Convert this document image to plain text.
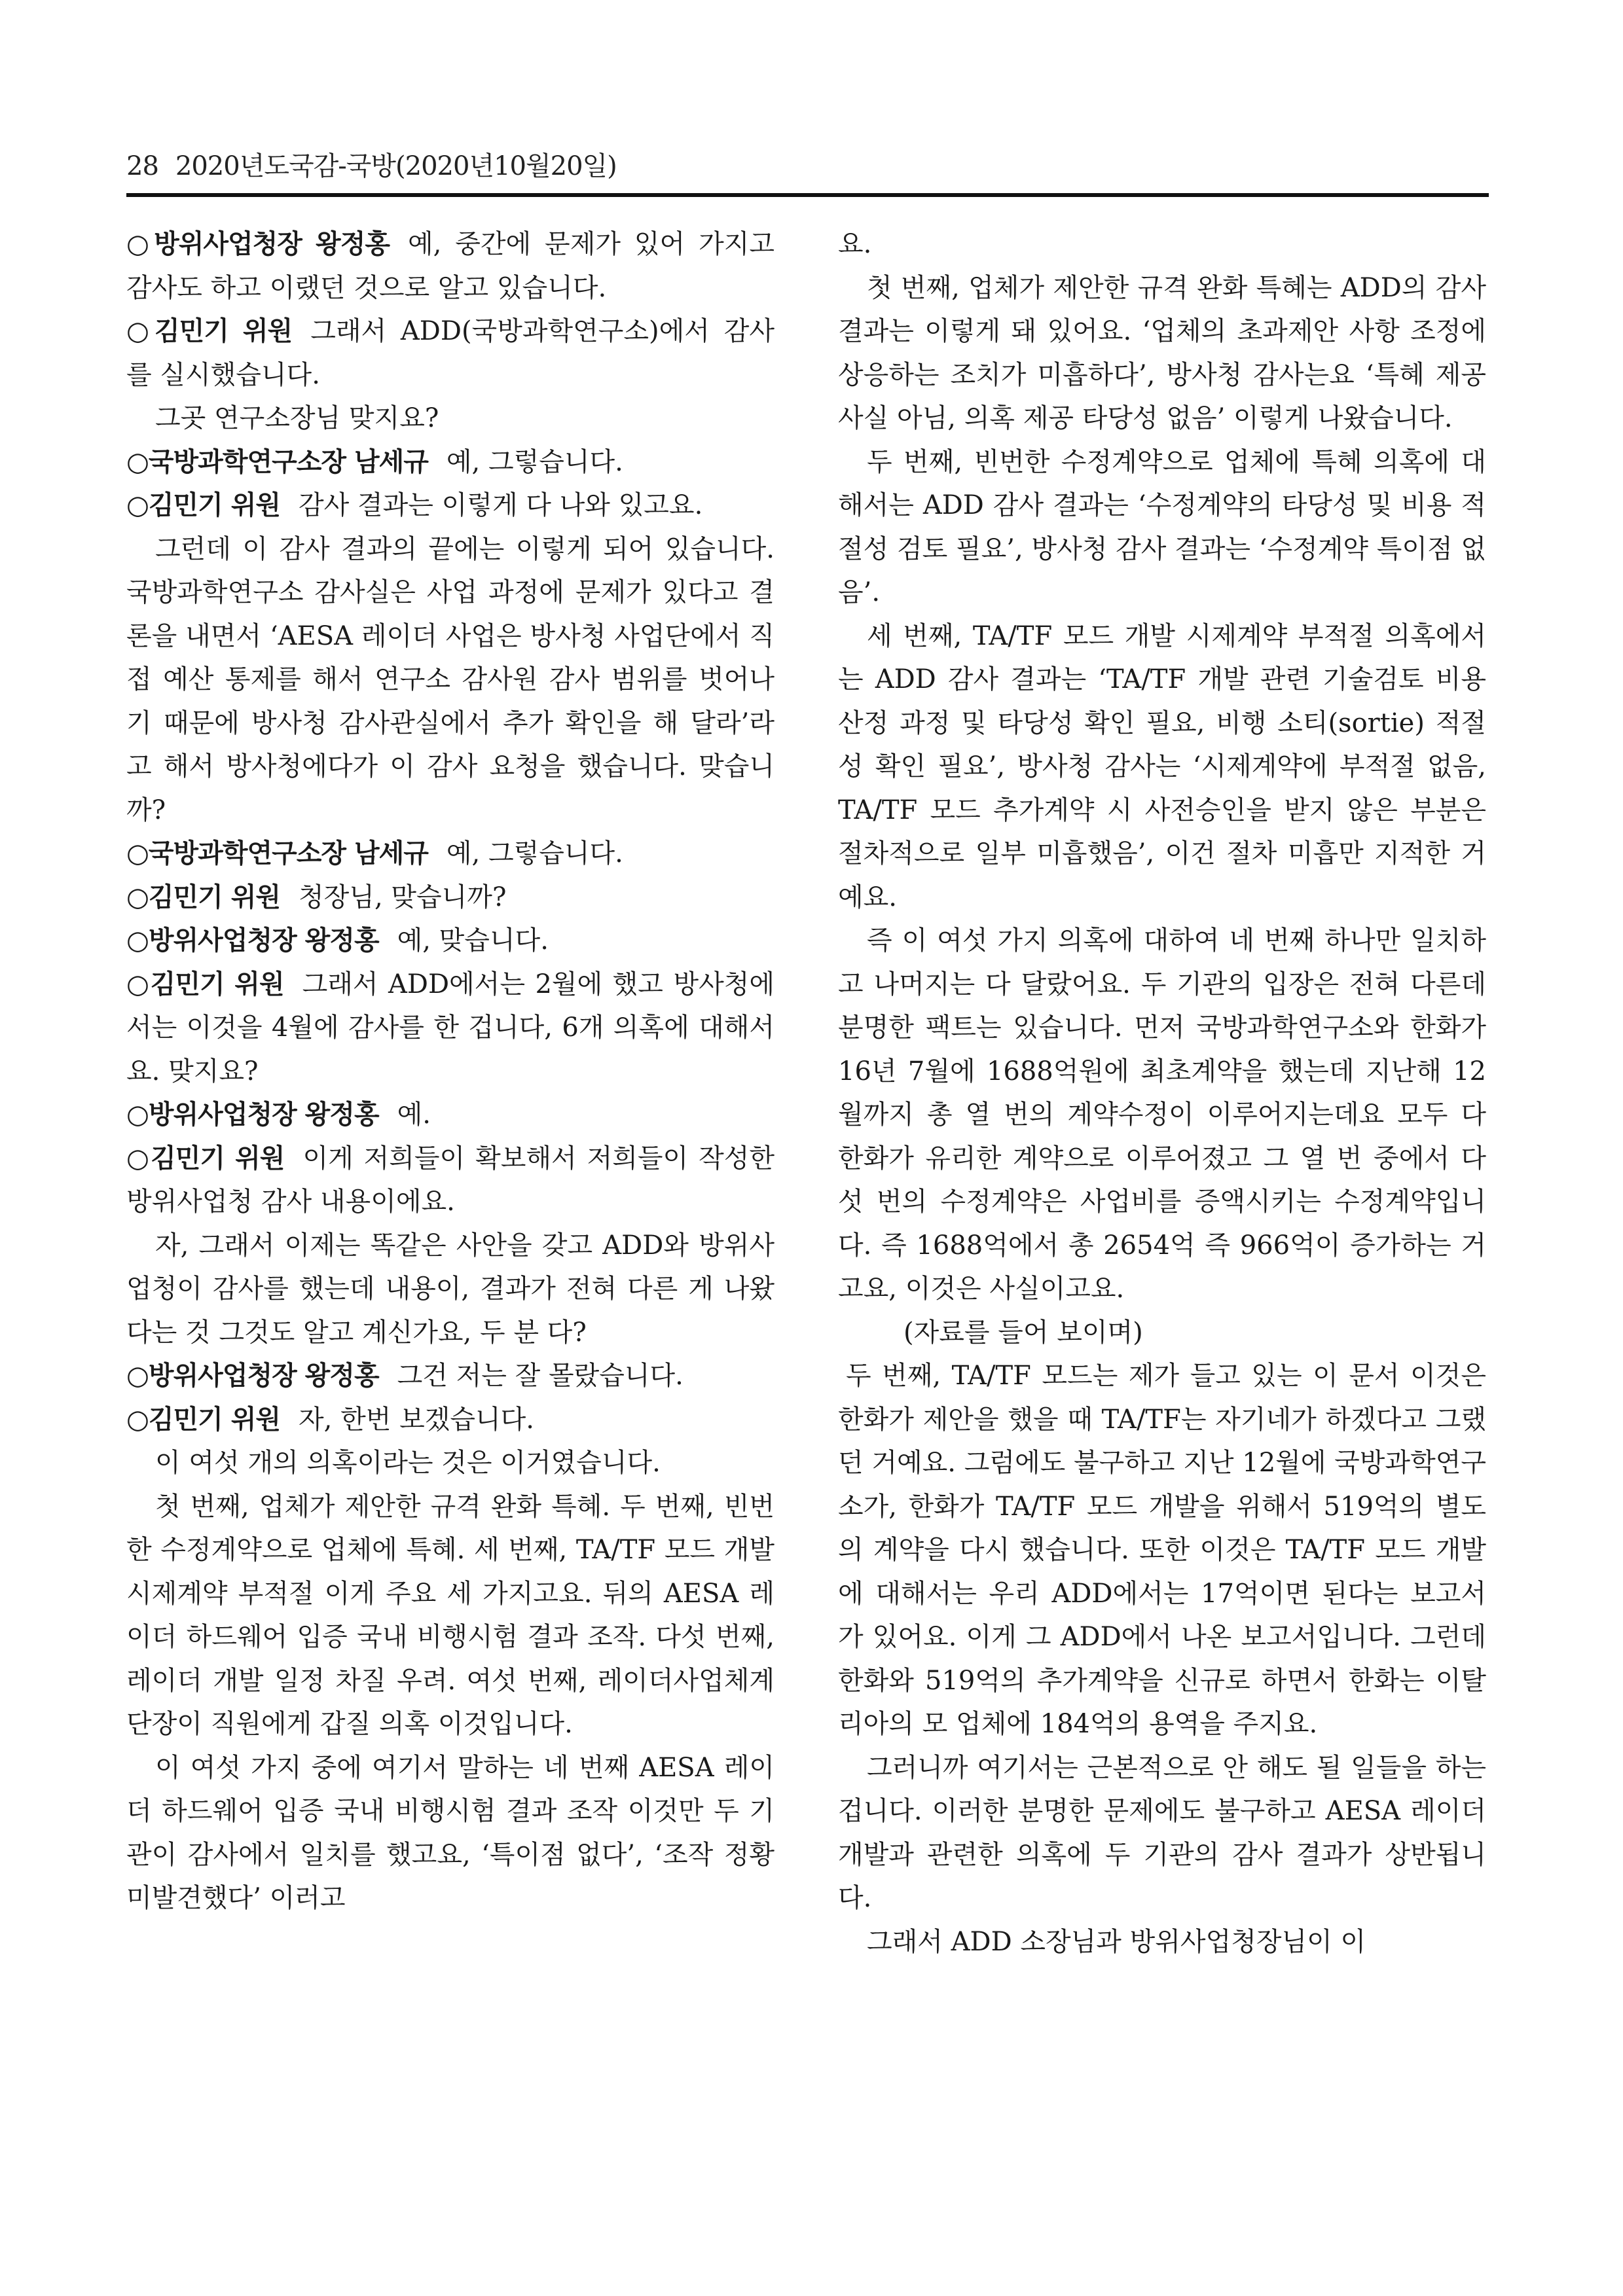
28 2020년도국감-국방(2020년10월20일)

○방위사업청장 왕정홍 예, 중간에 문제가 있어 가지고 감사도 하고 이랬던 것으로 알고 있습니다.

○김민기 위원 그래서 ADD(국방과학연구소)에서 감사를 실시했습니다.

그곳 연구소장님 맞지요?

○국방과학연구소장 남세규 예, 그렇습니다.

○김민기 위원 감사 결과는 이렇게 다 나와 있고요.

그런데 이 감사 결과의 끝에는 이렇게 되어 있습니다. 국방과학연구소 감사실은 사업 과정에 문제가 있다고 결론을 내면서 ‘AESA 레이더 사업은 방사청 사업단에서 직접 예산 통제를 해서 연구소 감사원 감사 범위를 벗어나기 때문에 방사청 감사관실에서 추가 확인을 해 달라’라고 해서 방사청에다가 이 감사 요청을 했습니다. 맞습니까?

○국방과학연구소장 남세규 예, 그렇습니다.

○김민기 위원 청장님, 맞습니까?

○방위사업청장 왕정홍 예, 맞습니다.

○김민기 위원 그래서 ADD에서는 2월에 했고 방사청에서는 이것을 4월에 감사를 한 겁니다, 6개 의혹에 대해서요. 맞지요?

○방위사업청장 왕정홍 예.

○김민기 위원 이게 저희들이 확보해서 저희들이 작성한 방위사업청 감사 내용이에요.

자, 그래서 이제는 똑같은 사안을 갖고 ADD와 방위사업청이 감사를 했는데 내용이, 결과가 전혀 다른 게 나왔다는 것 그것도 알고 계신가요, 두 분 다?

○방위사업청장 왕정홍 그건 저는 잘 몰랐습니다.

○김민기 위원 자, 한번 보겠습니다.

이 여섯 개의 의혹이라는 것은 이거였습니다.

첫 번째, 업체가 제안한 규격 완화 특혜. 두 번째, 빈번한 수정계약으로 업체에 특혜. 세 번째, TA/TF 모드 개발 시제계약 부적절 이게 주요 세 가지고요. 뒤의 AESA 레이더 하드웨어 입증 국내 비행시험 결과 조작. 다섯 번째, 레이더 개발 일정 차질 우려. 여섯 번째, 레이더사업체계단장이 직원에게 갑질 의혹 이것입니다.

이 여섯 가지 중에 여기서 말하는 네 번째 AESA 레이더 하드웨어 입증 국내 비행시험 결과 조작 이것만 두 기관이 감사에서 일치를 했고요, ‘특이점 없다’, ‘조작 정황 미발견했다’ 이러고

요.

첫 번째, 업체가 제안한 규격 완화 특혜는 ADD의 감사 결과는 이렇게 돼 있어요. ‘업체의 초과제안 사항 조정에 상응하는 조치가 미흡하다’, 방사청 감사는요 ‘특혜 제공 사실 아님, 의혹 제공 타당성 없음’ 이렇게 나왔습니다.

두 번째, 빈번한 수정계약으로 업체에 특혜 의혹에 대해서는 ADD 감사 결과는 ‘수정계약의 타당성 및 비용 적절성 검토 필요’, 방사청 감사 결과는 ‘수정계약 특이점 없음’.

세 번째, TA/TF 모드 개발 시제계약 부적절 의혹에서는 ADD 감사 결과는 ‘TA/TF 개발 관련 기술검토 비용 산정 과정 및 타당성 확인 필요, 비행 소티(sortie) 적절성 확인 필요’, 방사청 감사는 ‘시제계약에 부적절 없음, TA/TF 모드 추가계약 시 사전승인을 받지 않은 부분은 절차적으로 일부 미흡했음’, 이건 절차 미흡만 지적한 거예요.

즉 이 여섯 가지 의혹에 대하여 네 번째 하나만 일치하고 나머지는 다 달랐어요. 두 기관의 입장은 전혀 다른데 분명한 팩트는 있습니다. 먼저 국방과학연구소와 한화가 16년 7월에 1688억원에 최초계약을 했는데 지난해 12월까지 총 열 번의 계약수정이 이루어지는데요 모두 다 한화가 유리한 계약으로 이루어졌고 그 열 번 중에서 다섯 번의 수정계약은 사업비를 증액시키는 수정계약입니다. 즉 1688억에서 총 2654억 즉 966억이 증가하는 거고요, 이것은 사실이고요.

(자료를 들어 보이며)

두 번째, TA/TF 모드는 제가 들고 있는 이 문서 이것은 한화가 제안을 했을 때 TA/TF는 자기네가 하겠다고 그랬던 거예요. 그럼에도 불구하고 지난 12월에 국방과학연구소가, 한화가 TA/TF 모드 개발을 위해서 519억의 별도의 계약을 다시 했습니다. 또한 이것은 TA/TF 모드 개발에 대해서는 우리 ADD에서는 17억이면 된다는 보고서가 있어요. 이게 그 ADD에서 나온 보고서입니다. 그런데 한화와 519억의 추가계약을 신규로 하면서 한화는 이탈리아의 모 업체에 184억의 용역을 주지요.

그러니까 여기서는 근본적으로 안 해도 될 일들을 하는 겁니다. 이러한 분명한 문제에도 불구하고 AESA 레이더 개발과 관련한 의혹에 두 기관의 감사 결과가 상반됩니다.

그래서 ADD 소장님과 방위사업청장님이 이
